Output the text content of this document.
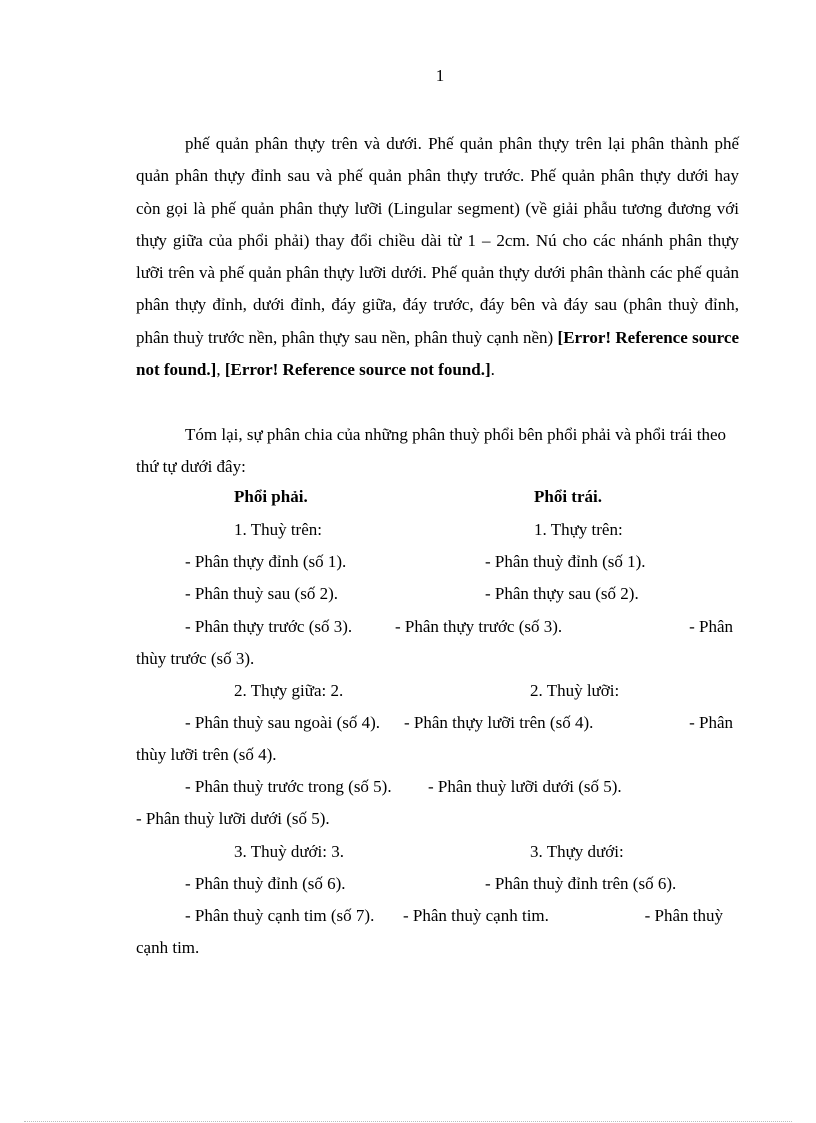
1

phế quản phân thựy trên và dưới. Phế quản phân thựy trên lại phân thành phế quản phân thựy đỉnh sau và phế quản phân thựy trước. Phế quản phân thựy dưới hay còn gọi là phế quản phân thựy lưỡi (Lingular segment) (về giải phẫu tương đương với thựy giữa của phổi phải) thay đổi chiều dài từ 1 – 2cm. Nú cho các nhánh phân thựy lưỡi trên và phế quản phân thựy lưỡi dưới. Phế quản thựy dưới phân thành các phế quản phân thựy đỉnh, dưới đỉnh, đáy giữa, đáy trước, đáy bên và đáy sau (phân thuỳ đỉnh, phân thuỳ trước nền, phân thựy sau nền, phân thuỳ cạnh nền) [Error! Reference source not found.], [Error! Reference source not found.].

Tóm lại, sự phân chia của những phân thuỳ phổi bên phổi phải và phổi trái theo thứ tự dưới đây:

Phổi phải.	Phổi trái.
1. Thuỳ trên:	1. Thựy trên:
- Phân thựy đỉnh (số 1).	- Phân thuỳ đỉnh (số 1).
- Phân thuỳ sau (số 2).	- Phân thựy sau (số 2).
- Phân thựy trước (số 3).	- Phân thựy trước (số 3).	- Phân
thùy trước (số 3).
2. Thựy giữa: 2.	2. Thuỳ lưỡi:
- Phân thuỳ sau ngoài (số 4). - Phân thựy lưỡi trên (số 4).	- Phân
thùy lưỡi trên (số 4).
- Phân thuỳ trước trong (số 5). - Phân thuỳ lưỡi dưới (số 5).
- Phân thuỳ lưỡi dưới (số 5).
3. Thuỳ dưới: 3.	3. Thựy dưới:
- Phân thuỳ đỉnh (số 6).	- Phân thuỳ đỉnh trên (số 6).
- Phân thuỳ cạnh tim (số 7). - Phân thuỳ cạnh tim.	- Phân thuỳ
cạnh tim.
